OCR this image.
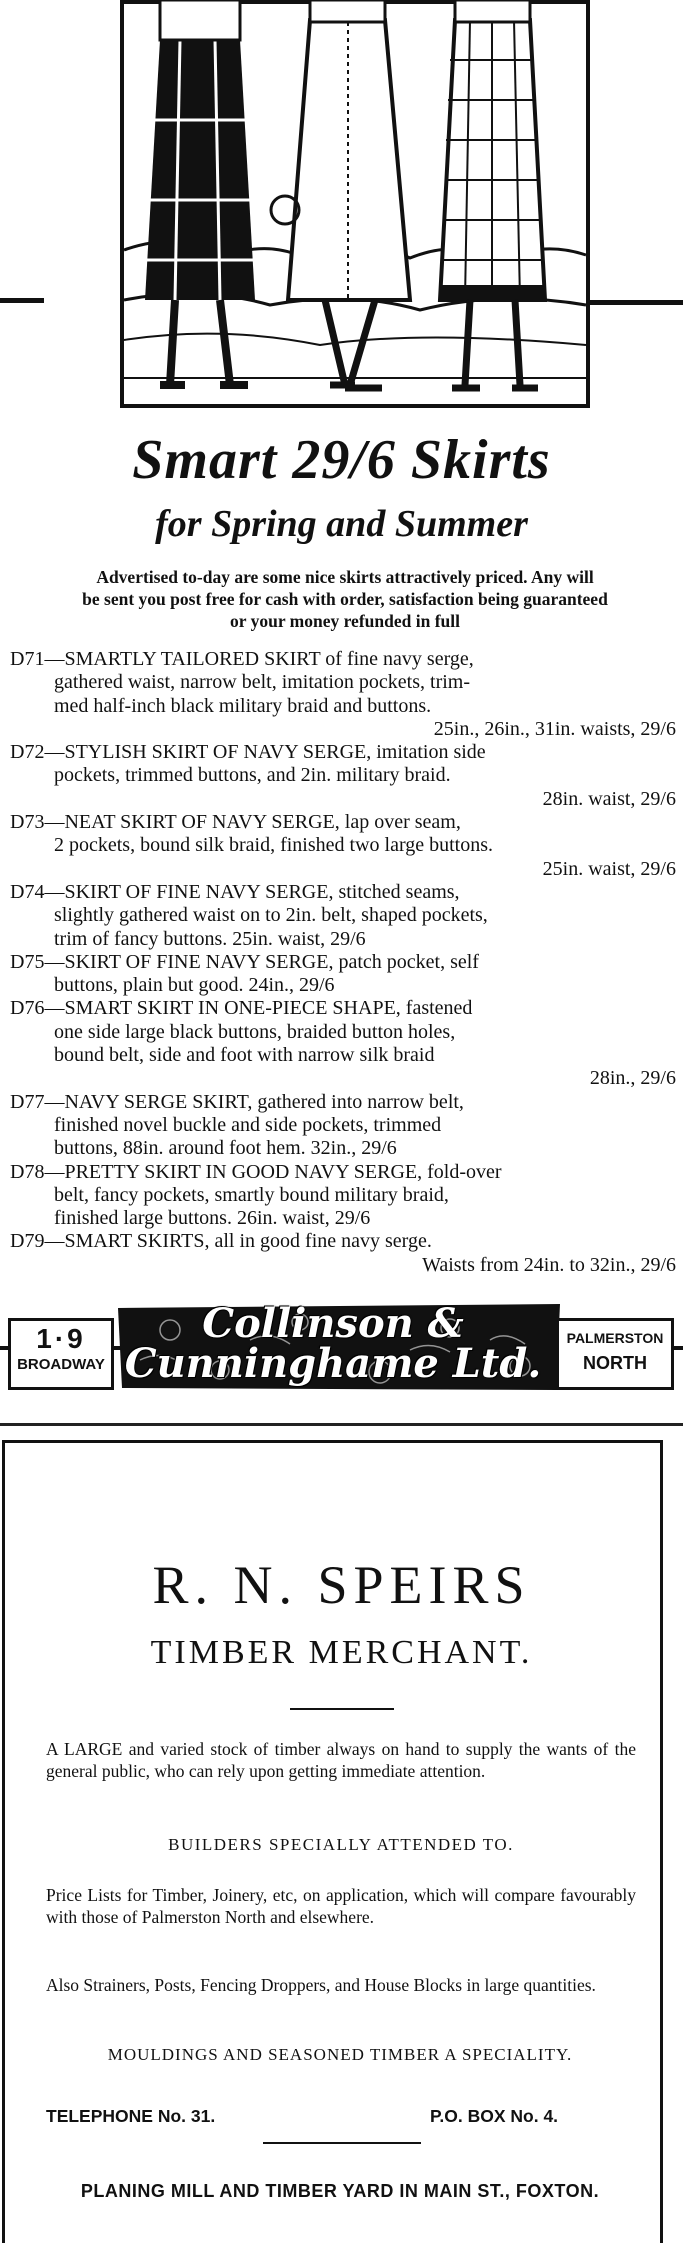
Smart 29/6 Skirts
for Spring and Summer
Advertised to-day are some nice skirts attractively priced. Any will
be sent you post free for cash with order, satisfaction being guaranteed
or your money refunded in full
D71—SMARTLY TAILORED SKIRT of fine navy serge,
gathered waist, narrow belt, imitation pockets, trim-
med half-inch black military braid and buttons.
25in., 26in., 31in. waists, 29/6
D72—STYLISH SKIRT OF NAVY SERGE, imitation side
pockets, trimmed buttons, and 2in. military braid.
28in. waist, 29/6
D73—NEAT SKIRT OF NAVY SERGE, lap over seam,
2 pockets, bound silk braid, finished two large buttons.
25in. waist, 29/6
D74—SKIRT OF FINE NAVY SERGE, stitched seams,
slightly gathered waist on to 2in. belt, shaped pockets,
trim of fancy buttons. 25in. waist, 29/6
D75—SKIRT OF FINE NAVY SERGE, patch pocket, self
buttons, plain but good. 24in., 29/6
D76—SMART SKIRT IN ONE-PIECE SHAPE, fastened
one side large black buttons, braided button holes,
bound belt, side and foot with narrow silk braid
28in., 29/6
D77—NAVY SERGE SKIRT, gathered into narrow belt,
finished novel buckle and side pockets, trimmed
buttons, 88in. around foot hem. 32in., 29/6
D78—PRETTY SKIRT IN GOOD NAVY SERGE, fold-over
belt, fancy pockets, smartly bound military braid,
finished large buttons. 26in. waist, 29/6
D79—SMART SKIRTS, all in good fine navy serge.
Waists from 24in. to 32in., 29/6
1·9
BROADWAY
Collinson & Cunninghame Ltd.
PALMERSTON
NORTH
R. N. SPEIRS
TIMBER MERCHANT.
A LARGE and varied stock of timber always on hand to supply the wants of the general public, who can rely upon getting immediate attention.
BUILDERS SPECIALLY ATTENDED TO.
Price Lists for Timber, Joinery, etc, on application, which will compare favourably with those of Palmerston North and elsewhere.
Also Strainers, Posts, Fencing Droppers, and House Blocks in large quantities.
MOULDINGS AND SEASONED TIMBER A SPECIALITY.
TELEPHONE No. 31.	P.O. BOX No. 4.
PLANING MILL AND TIMBER YARD IN MAIN ST., FOXTON.
